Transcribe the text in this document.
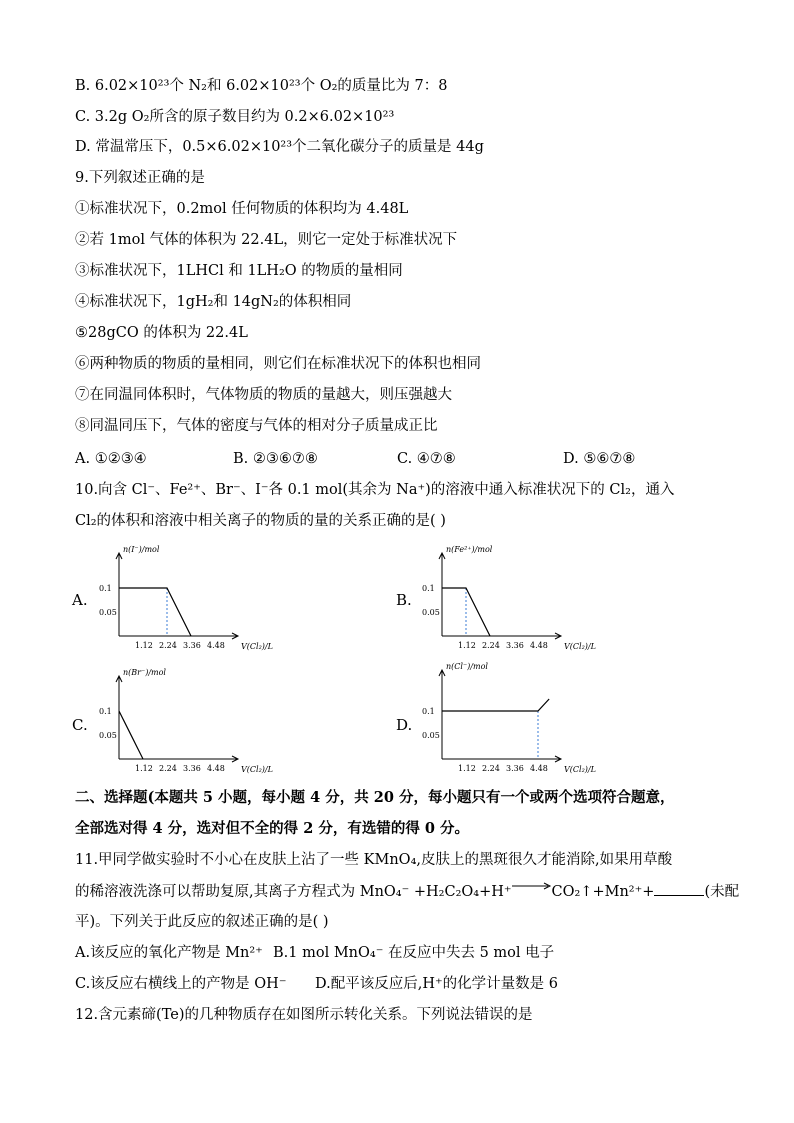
B. 6.02×10²³个 N₂和 6.02×10²³个 O₂的质量比为 7：8
C. 3.2g O₂所含的原子数目约为 0.2×6.02×10²³
D. 常温常压下，0.5×6.02×10²³个二氧化碳分子的质量是 44g
9.下列叙述正确的是
①标准状况下，0.2mol 任何物质的体积均为 4.48L
②若 1mol 气体的体积为 22.4L，则它一定处于标准状况下
③标准状况下，1LHCl 和 1LH₂O 的物质的量相同
④标准状况下，1gH₂和 14gN₂的体积相同
⑤28gCO 的体积为 22.4L
⑥两种物质的物质的量相同，则它们在标准状况下的体积也相同
⑦在同温同体积时，气体物质的物质的量越大，则压强越大
⑧同温同压下，气体的密度与气体的相对分子质量成正比
A. ①②③④	B. ②③⑥⑦⑧	C. ④⑦⑧	D. ⑤⑥⑦⑧
10.向含 Cl⁻、Fe²⁺、Br⁻、I⁻各 0.1 mol(其余为 Na⁺)的溶液中通入标准状况下的 Cl₂，通入
Cl₂的体积和溶液中相关离子的物质的量的关系正确的是( )
A.
n(I⁻)/mol
V(Cl₂)/L
1.12 2.24 3.36 4.48
0.1
0.05
B.
n(Fe²⁺)/mol
V(Cl₂)/L
1.12 2.24 3.36 4.48
0.1
0.05
C.
n(Br⁻)/mol
V(Cl₂)/L
1.12 2.24 3.36 4.48
0.1
0.05
D.
n(Cl⁻)/mol
V(Cl₂)/L
1.12 2.24 3.36 4.48
0.1
0.05
二、选择题(本题共 5 小题，每小题 4 分，共 20 分，每小题只有一个或两个选项符合题意，
全部选对得 4 分，选对但不全的得 2 分，有选错的得 0 分。
11.甲同学做实验时不小心在皮肤上沾了一些 KMnO₄,皮肤上的黑斑很久才能消除,如果用草酸
的稀溶液洗涤可以帮助复原,其离子方程式为 MnO₄⁻ +H₂C₂O₄+H⁺→CO₂↑+Mn²⁺+	(未配
平)。下列关于此反应的叙述正确的是( )
A.该反应的氧化产物是 Mn²⁺ B.1 mol MnO₄⁻ 在反应中失去 5 mol 电子
C.该反应右横线上的产物是 OH⁻ D.配平该反应后,H⁺的化学计量数是 6
12.含元素碲(Te)的几种物质存在如图所示转化关系。下列说法错误的是
